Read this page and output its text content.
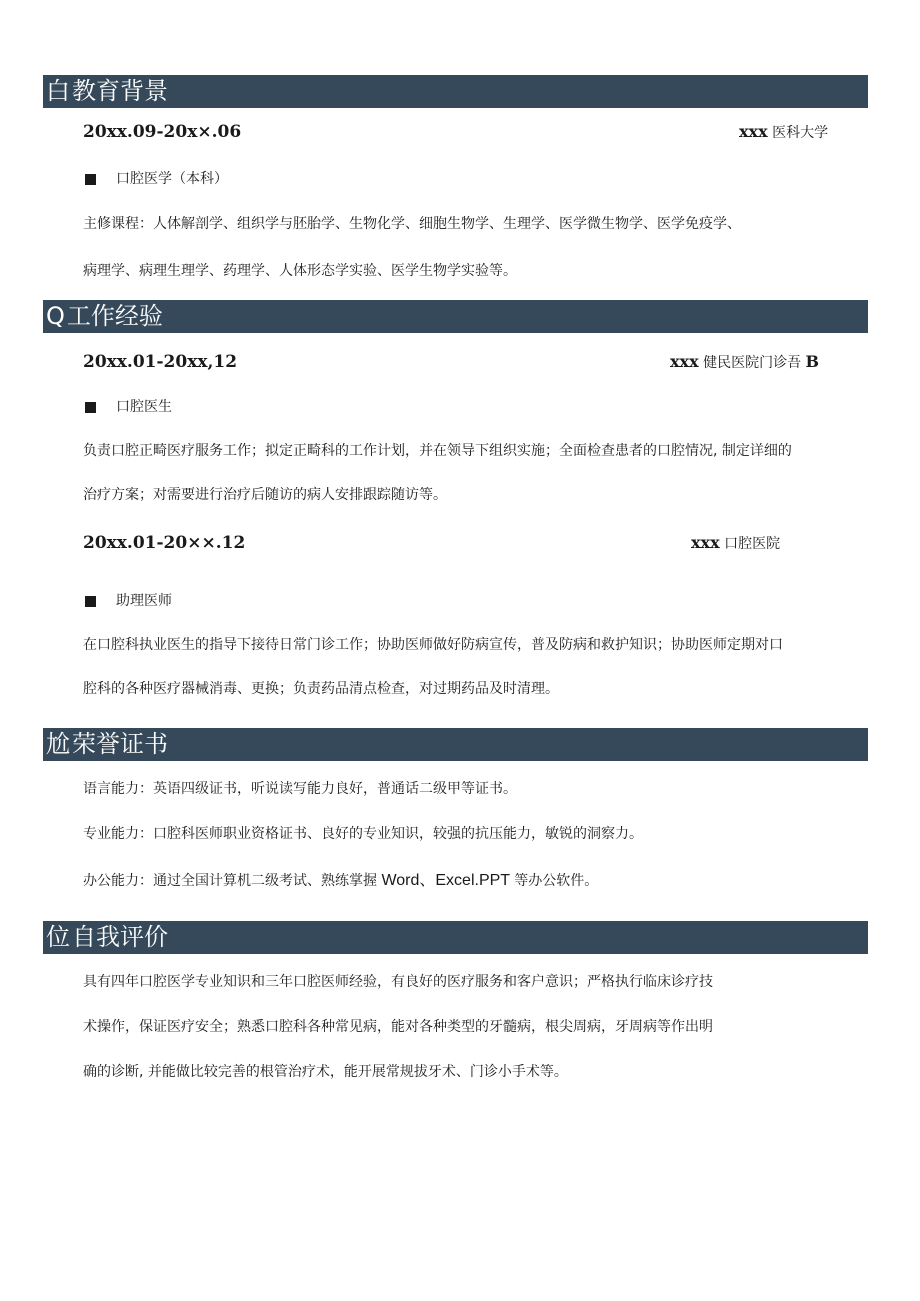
白教育背景
20xx.09-20x×.06	xxx 医科大学
口腔医学（本科）
主修课程：人体解剖学、组织学与胚胎学、生物化学、细胞生物学、生理学、医学微生物学、医学免疫学、
病理学、病理生理学、药理学、人体形态学实验、医学生物学实验等。
Q工作经验
20xx.01-20xx,12	xxx 健民医院门诊吾 B
口腔医生
负责口腔正畸医疗服务工作；拟定正畸科的工作计划，并在领导下组织实施；全面检查患者的口腔情况, 制定详细的
治疗方案；对需要进行治疗后随访的病人安排跟踪随访等。
20xx.01-20××.12	xxx 口腔医院
助理医师
在口腔科执业医生的指导下接待日常门诊工作；协助医师做好防病宣传，普及防病和救护知识；协助医师定期对口
腔科的各种医疗器械消毒、更换；负责药品清点检查，对过期药品及时清理。
尬荣誉证书
语言能力：英语四级证书，听说读写能力良好，普通话二级甲等证书。
专业能力：口腔科医师职业资格证书、良好的专业知识，较强的抗压能力，敏锐的洞察力。
办公能力：通过全国计算机二级考试、熟练掌握 Word、Excel.PPT 等办公软件。
位自我评价
具有四年口腔医学专业知识和三年口腔医师经验，有良好的医疗服务和客户意识；严格执行临床诊疗技
术操作，保证医疗安全；熟悉口腔科各种常见病，能对各种类型的牙髓病，根尖周病，牙周病等作出明
确的诊断, 并能做比较完善的根管治疗术，能开展常规拔牙术、门诊小手术等。
